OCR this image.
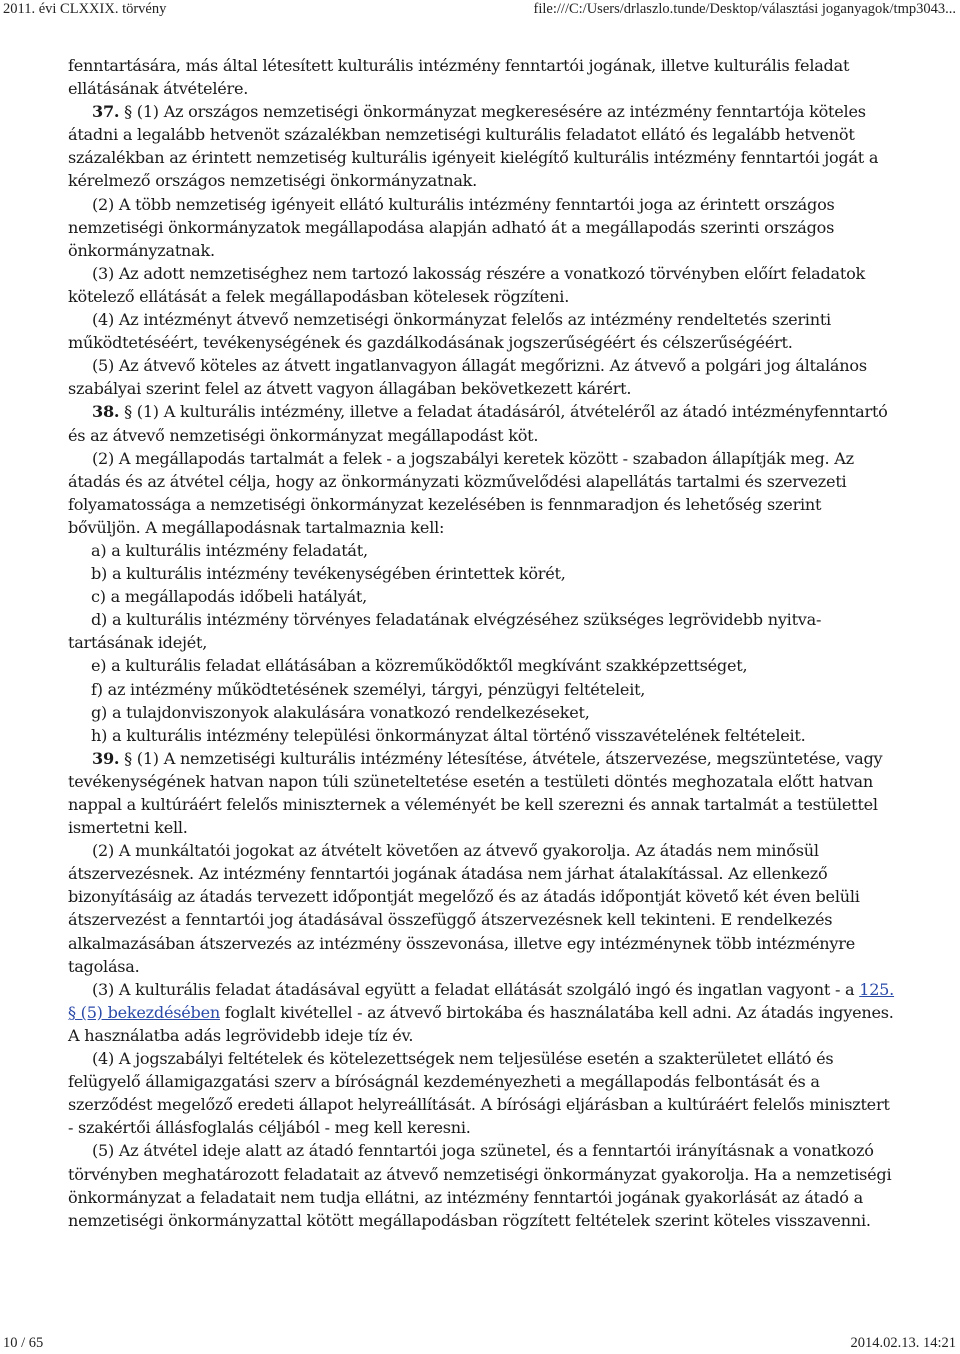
2011. évi CLXXIX. törvény	file:///C:/Users/drlaszlo.tunde/Desktop/választási joganyagok/tmp3043...

fenntartására, más által létesített kulturális intézmény fenntartói jogának, illetve kulturális feladat ellátásának átvételére.

37. § (1) Az országos nemzetiségi önkormányzat megkeresésére az intézmény fenntartója köteles átadni a legalább hetvenöt százalékban nemzetiségi kulturális feladatot ellátó és legalább hetvenöt százalékban az érintett nemzetiség kulturális igényeit kielégítő kulturális intézmény fenntartói jogát a kérelmező országos nemzetiségi önkormányzatnak.

(2) A több nemzetiség igényeit ellátó kulturális intézmény fenntartói joga az érintett országos nemzetiségi önkormányzatok megállapodása alapján adható át a megállapodás szerinti országos önkormányzatnak.

(3) Az adott nemzetiséghez nem tartozó lakosság részére a vonatkozó törvényben előírt feladatok kötelező ellátását a felek megállapodásban kötelesek rögzíteni.

(4) Az intézményt átvevő nemzetiségi önkormányzat felelős az intézmény rendeltetés szerinti működtetéséért, tevékenységének és gazdálkodásának jogszerűségéért és célszerűségéért.

(5) Az átvevő köteles az átvett ingatlanvagyon állagát megőrizni. Az átvevő a polgári jog általános szabályai szerint felel az átvett vagyon állagában bekövetkezett kárért.

38. § (1) A kulturális intézmény, illetve a feladat átadásáról, átvételéről az átadó intézményfenntartó és az átvevő nemzetiségi önkormányzat megállapodást köt.

(2) A megállapodás tartalmát a felek - a jogszabályi keretek között - szabadon állapítják meg. Az átadás és az átvétel célja, hogy az önkormányzati közművelődési alapellátás tartalmi és szervezeti folyamatossága a nemzetiségi önkormányzat kezelésében is fennmaradjon és lehetőség szerint bővüljön. A megállapodásnak tartalmaznia kell:

a) a kulturális intézmény feladatát,

b) a kulturális intézmény tevékenységében érintettek körét,

c) a megállapodás időbeli hatályát,

d) a kulturális intézmény törvényes feladatának elvégzéséhez szükséges legrövidebb nyitva-

tartásának idejét,

e) a kulturális feladat ellátásában a közreműködőktől megkívánt szakképzettséget,

f) az intézmény működtetésének személyi, tárgyi, pénzügyi feltételeit,

g) a tulajdonviszonyok alakulására vonatkozó rendelkezéseket,

h) a kulturális intézmény települési önkormányzat által történő visszavételének feltételeit.

39. § (1) A nemzetiségi kulturális intézmény létesítése, átvétele, átszervezése, megszüntetése, vagy tevékenységének hatvan napon túli szüneteltetése esetén a testületi döntés meghozatala előtt hatvan nappal a kultúráért felelős miniszternek a véleményét be kell szerezni és annak tartalmát a testülettel ismertetni kell.

(2) A munkáltatói jogokat az átvételt követően az átvevő gyakorolja. Az átadás nem minősül átszervezésnek. Az intézmény fenntartói jogának átadása nem járhat átalakítással. Az ellenkező bizonyításáig az átadás tervezett időpontját megelőző és az átadás időpontját követő két éven belüli átszervezést a fenntartói jog átadásával összefüggő átszervezésnek kell tekinteni. E rendelkezés alkalmazásában átszervezés az intézmény összevonása, illetve egy intézménynek több intézményre tagolása.

(3) A kulturális feladat átadásával együtt a feladat ellátását szolgáló ingó és ingatlan vagyont - a 125. § (5) bekezdésében foglalt kivétellel - az átvevő birtokába és használatába kell adni. Az átadás ingyenes. A használatba adás legrövidebb ideje tíz év.

(4) A jogszabályi feltételek és kötelezettségek nem teljesülése esetén a szakterületet ellátó és felügyelő államigazgatási szerv a bíróságnál kezdeményezheti a megállapodás felbontását és a szerződést megelőző eredeti állapot helyreállítását. A bírósági eljárásban a kultúráért felelős minisztert - szakértői állásfoglalás céljából - meg kell keresni.

(5) Az átvétel ideje alatt az átadó fenntartói joga szünetel, és a fenntartói irányításnak a vonatkozó törvényben meghatározott feladatait az átvevő nemzetiségi önkormányzat gyakorolja. Ha a nemzetiségi önkormányzat a feladatait nem tudja ellátni, az intézmény fenntartói jogának gyakorlását az átadó a nemzetiségi önkormányzattal kötött megállapodásban rögzített feltételek szerint köteles visszavenni.

10 / 65	2014.02.13. 14:21
